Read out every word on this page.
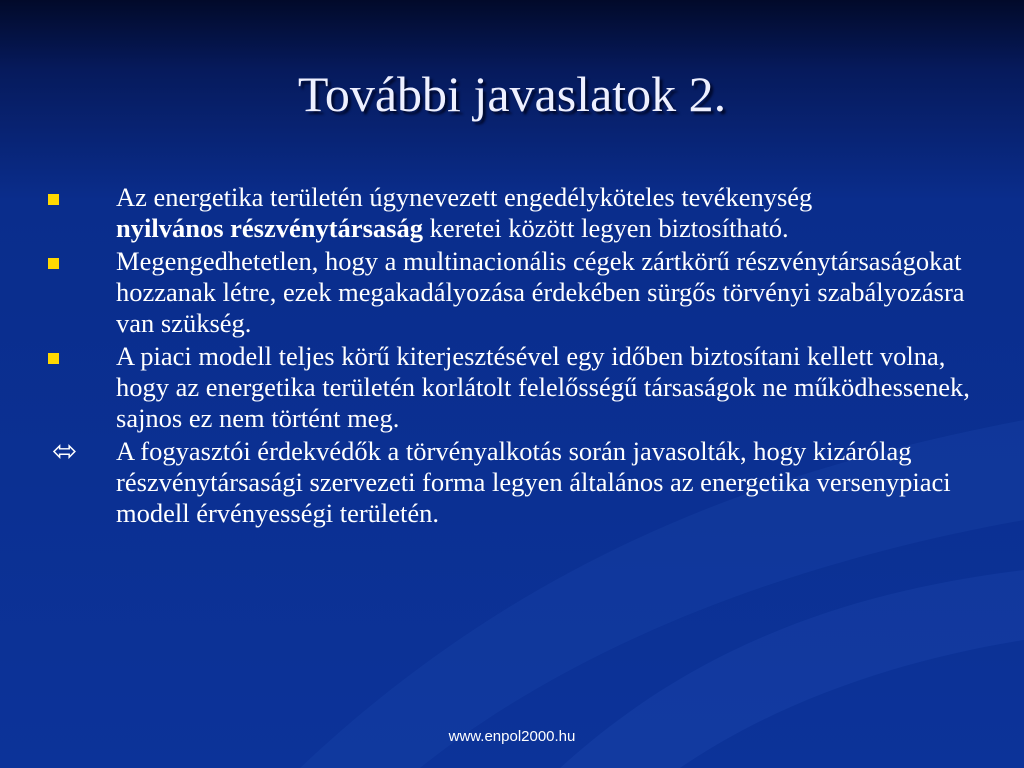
További javaslatok 2.
Az energetika területén úgynevezett engedélyköteles tevékenység
nyilvános részvénytársaság keretei között legyen biztosítható.
Megengedhetetlen, hogy a multinacionális cégek zártkörű részvénytársaságokat hozzanak létre, ezek megakadályozása érdekében sürgős törvényi szabályozásra van szükség.
A piaci modell teljes körű kiterjesztésével egy időben biztosítani kellett volna, hogy az energetika területén korlátolt felelősségű társaságok ne működhessenek, sajnos ez nem történt meg.
⬄	A fogyasztói érdekvédők a törvényalkotás során javasolták, hogy kizárólag részvénytársasági szervezeti forma legyen általános az energetika versenypiaci modell érvényességi területén.
www.enpol2000.hu
